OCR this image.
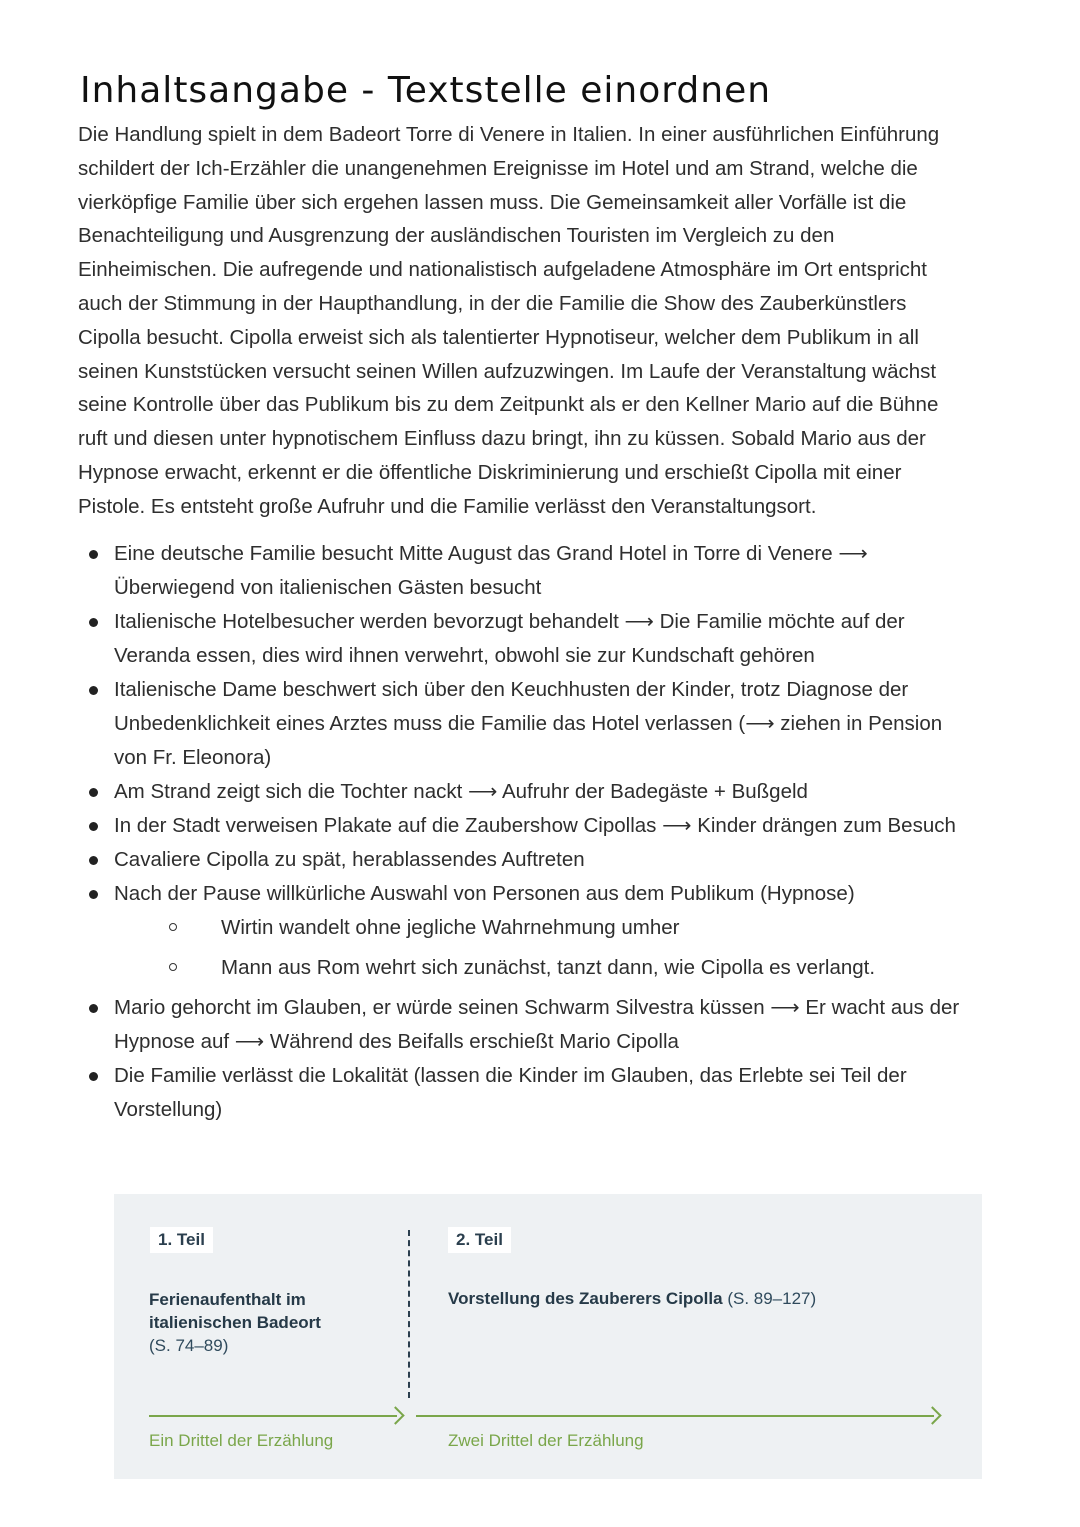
Inhaltsangabe - Textstelle einordnen

Die Handlung spielt in dem Badeort Torre di Venere in Italien. In einer ausführlichen Einführung schildert der Ich-Erzähler die unangenehmen Ereignisse im Hotel und am Strand, welche die vierköpfige Familie über sich ergehen lassen muss. Die Gemeinsamkeit aller Vorfälle ist die Benachteiligung und Ausgrenzung der ausländischen Touristen im Vergleich zu den Einheimischen. Die aufregende und nationalistisch aufgeladene Atmosphäre im Ort entspricht auch der Stimmung in der Haupthandlung, in der die Familie die Show des Zauberkünstlers Cipolla besucht. Cipolla erweist sich als talentierter Hypnotiseur, welcher dem Publikum in all seinen Kunststücken versucht seinen Willen aufzuzwingen. Im Laufe der Veranstaltung wächst seine Kontrolle über das Publikum bis zu dem Zeitpunkt als er den Kellner Mario auf die Bühne ruft und diesen unter hypnotischem Einfluss dazu bringt, ihn zu küssen. Sobald Mario aus der Hypnose erwacht, erkennt er die öffentliche Diskriminierung und erschießt Cipolla mit einer Pistole. Es entsteht große Aufruhr und die Familie verlässt den Veranstaltungsort.

Eine deutsche Familie besucht Mitte August das Grand Hotel in Torre di Venere ⟶ Überwiegend von italienischen Gästen besucht
Italienische Hotelbesucher werden bevorzugt behandelt ⟶ Die Familie möchte auf der Veranda essen, dies wird ihnen verwehrt, obwohl sie zur Kundschaft gehören
Italienische Dame beschwert sich über den Keuchhusten der Kinder, trotz Diagnose der Unbedenklichkeit eines Arztes muss die Familie das Hotel verlassen (⟶ ziehen in Pension von Fr. Eleonora)
Am Strand zeigt sich die Tochter nackt ⟶ Aufruhr der Badegäste + Bußgeld
In der Stadt verweisen Plakate auf die Zaubershow Cipollas ⟶ Kinder drängen zum Besuch
Cavaliere Cipolla zu spät, herablassendes Auftreten
Nach der Pause willkürliche Auswahl von Personen aus dem Publikum (Hypnose)
Wirtin wandelt ohne jegliche Wahrnehmung umher
Mann aus Rom wehrt sich zunächst, tanzt dann, wie Cipolla es verlangt.
Mario gehorcht im Glauben, er würde seinen Schwarm Silvestra küssen ⟶ Er wacht aus der Hypnose auf ⟶ Während des Beifalls erschießt Mario Cipolla
Die Familie verlässt die Lokalität (lassen die Kinder im Glauben, das Erlebte sei Teil der Vorstellung)
1. Teil
Ferienaufenthalt im
italienischen Badeort
(S. 74–89)
2. Teil
Vorstellung des Zauberers Cipolla (S. 89–127)
Ein Drittel der Erzählung	Zwei Drittel der Erzählung
